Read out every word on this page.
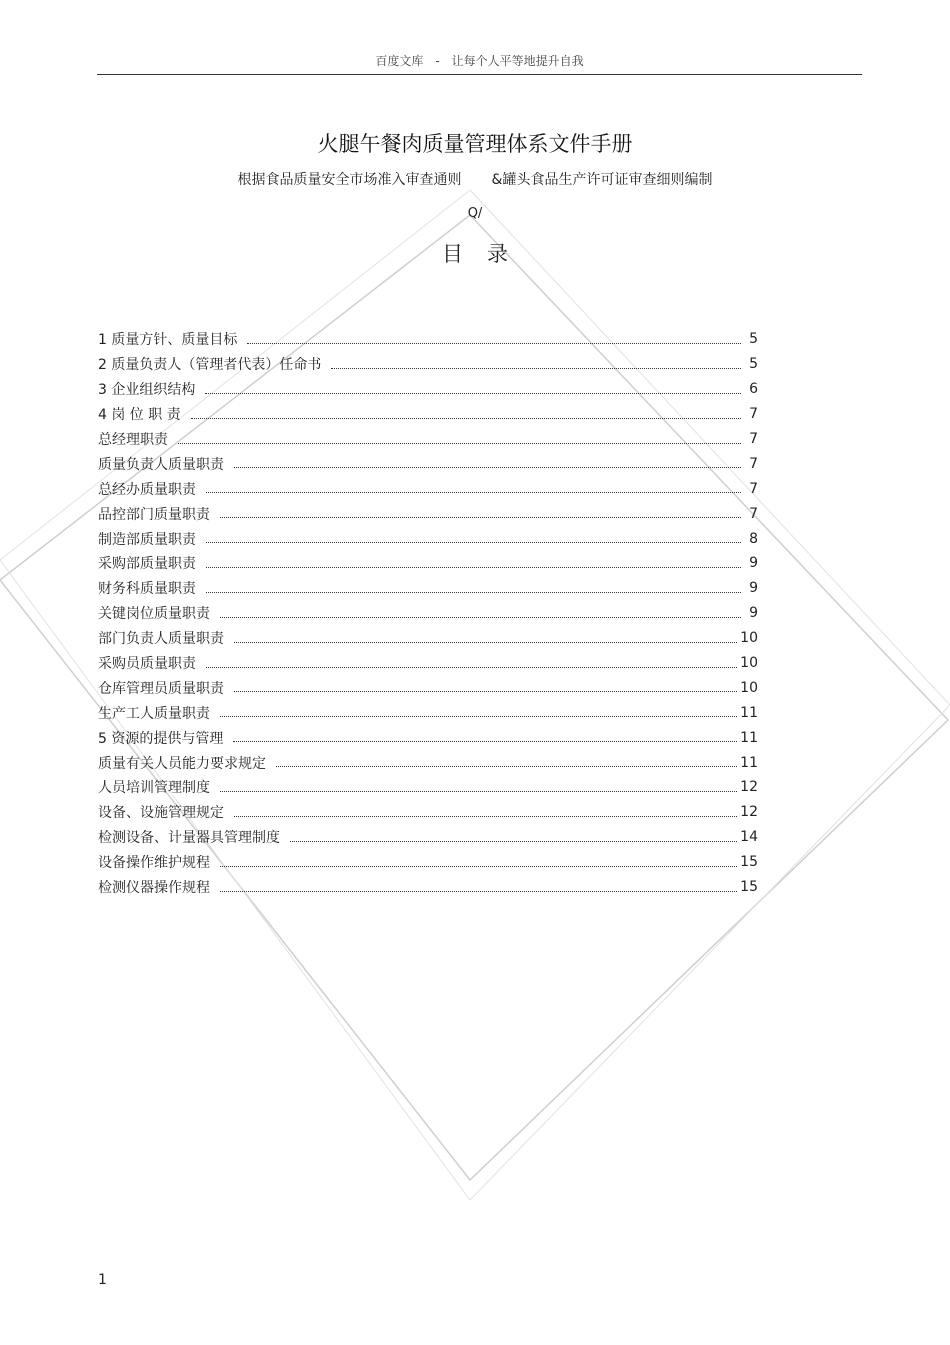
百度文库　-　让每个人平等地提升自我
火腿午餐肉质量管理体系文件手册
根据食品质量安全市场准入审查通则 &罐头食品生产许可证审查细则编制
Q/
目录
1 质量方针、质量目标	5
2 质量负责人（管理者代表）任命书	5
3 企业组织结构	6
4 岗 位 职 责	7
总经理职责	7
质量负责人质量职责	7
总经办质量职责	7
品控部门质量职责	7
制造部质量职责	8
采购部质量职责	9
财务科质量职责	9
关键岗位质量职责	9
部门负责人质量职责	10
采购员质量职责	10
仓库管理员质量职责	10
生产工人质量职责	11
5 资源的提供与管理	11
质量有关人员能力要求规定	11
人员培训管理制度	12
设备、设施管理规定	12
检测设备、计量器具管理制度	14
设备操作维护规程	15
检测仪器操作规程	15
1
